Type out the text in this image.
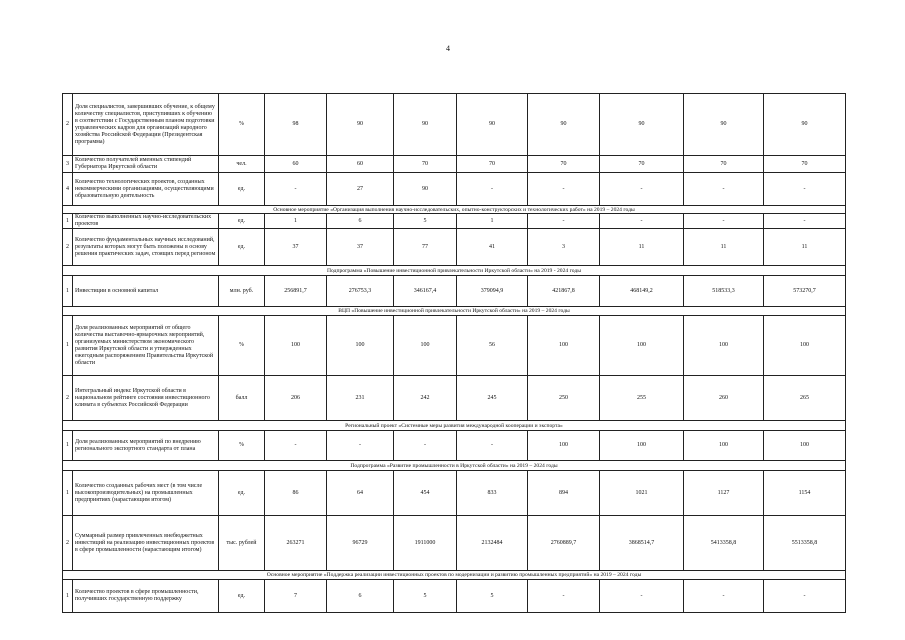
4
2	Доля специалистов, завершивших обучение, к общему количеству специалистов, приступивших к обучению в соответствии с Государственным планом подготовки управленческих кадров для организаций народного хозяйства Российской Федерации (Президентская программа)	%	98	90	90	90	90	90	90	90
3	Количество получателей именных стипендий Губернатора Иркутской области	чел.	60	60	70	70	70	70	70	70
4	Количество технологических проектов, созданных некоммерческими организациями, осуществляющими образовательную деятельность	ед.	-	27	90	-	-	-	-	-
Основное мероприятие «Организация выполнения научно-исследовательских, опытно-конструкторских и технологических работ» на 2019 – 2024 годы										
1	Количество выполненных научно-исследовательских проектов	ед.	1	6	5	1	-	-	-	-
2	Количество фундаментальных научных исследований, результаты которых могут быть положены в основу решения практических задач, стоящих перед регионом	ед.	37	37	77	41	3	11	11	11
Подпрограмма «Повышение инвестиционной привлекательности Иркутской области» на 2019 - 2024 годы										
1	Инвестиции в основной капитал	млн. руб.	256891,7	276753,3	346167,4	379094,9	421867,8	468149,2	518533,3	573270,7
ВЦП «Повышение инвестиционной привлекательности Иркутской области» на 2019 – 2024 годы										
1	Доля реализованных мероприятий от общего количества выставочно-ярмарочных мероприятий, организуемых министерством экономического развития Иркутской области и утвержденных ежегодным распоряжением Правительства Иркутской области	%	100	100	100	56	100	100	100	100
2	Интегральный индекс Иркутской области в национальном рейтинге состояния инвестиционного климата в субъектах Российской Федерации	балл	206	231	242	245	250	255	260	265
Региональный проект «Системные меры развития международной кооперации и экспорта»										
1	Доля реализованных мероприятий по внедрению регионального экспортного стандарта от плана	%	-	-	-	-	100	100	100	100
Подпрограмма «Развитие промышленности в Иркутской области» на 2019 – 2024 годы										
1	Количество созданных рабочих мест (в том числе высокопроизводительных) на промышленных предприятиях (нарастающим итогом)	ед.	86	64	454	833	894	1021	1127	1154
2	Суммарный размер привлеченных внебюджетных инвестиций на реализацию инвестиционных проектов в сфере промышленности (нарастающим итогом)	тыс. рублей	263271	96729	1911000	2132484	2760889,7	3868514,7	5413358,8	5513358,8
Основное мероприятие «Поддержка реализации инвестиционных проектов по модернизации и развитию промышленных предприятий» на 2019 – 2024 годы										
1	Количество проектов в сфере промышленности, получивших государственную поддержку	ед.	7	6	5	5	-	-	-	-
